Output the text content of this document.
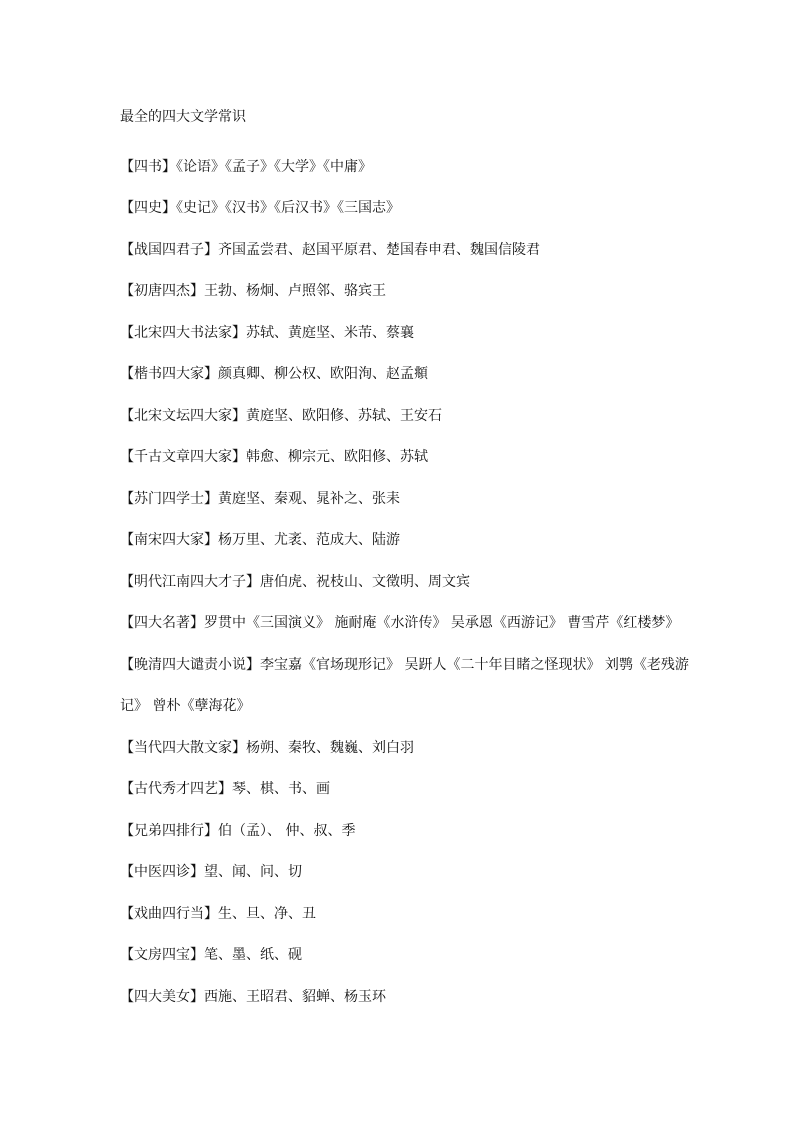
最全的四大文学常识

【四书】《论语》《孟子》《大学》《中庸》

【四史】《史记》《汉书》《后汉书》《三国志》

【战国四君子】齐国孟尝君、赵国平原君、楚国春申君、魏国信陵君

【初唐四杰】王勃、杨炯、卢照邻、骆宾王

【北宋四大书法家】苏轼、黄庭坚、米芾、蔡襄

【楷书四大家】颜真卿、柳公权、欧阳洵、赵孟頫

【北宋文坛四大家】黄庭坚、欧阳修、苏轼、王安石

【千古文章四大家】韩愈、柳宗元、欧阳修、苏轼

【苏门四学士】黄庭坚、秦观、晁补之、张耒

【南宋四大家】杨万里、尤袤、范成大、陆游

【明代江南四大才子】唐伯虎、祝枝山、文徵明、周文宾

【四大名著】罗贯中《三国演义》 施耐庵《水浒传》 吴承恩《西游记》 曹雪芹《红楼梦》

【晚清四大谴责小说】李宝嘉《官场现形记》 吴趼人《二十年目睹之怪现状》 刘鹗《老残游记》 曾朴《孽海花》

【当代四大散文家】杨朔、秦牧、魏巍、刘白羽

【古代秀才四艺】琴、棋、书、画

【兄弟四排行】伯（孟）、 仲、叔、季

【中医四诊】望、闻、问、切

【戏曲四行当】生、旦、净、丑

【文房四宝】笔、墨、纸、砚

【四大美女】西施、王昭君、貂蝉、杨玉环
